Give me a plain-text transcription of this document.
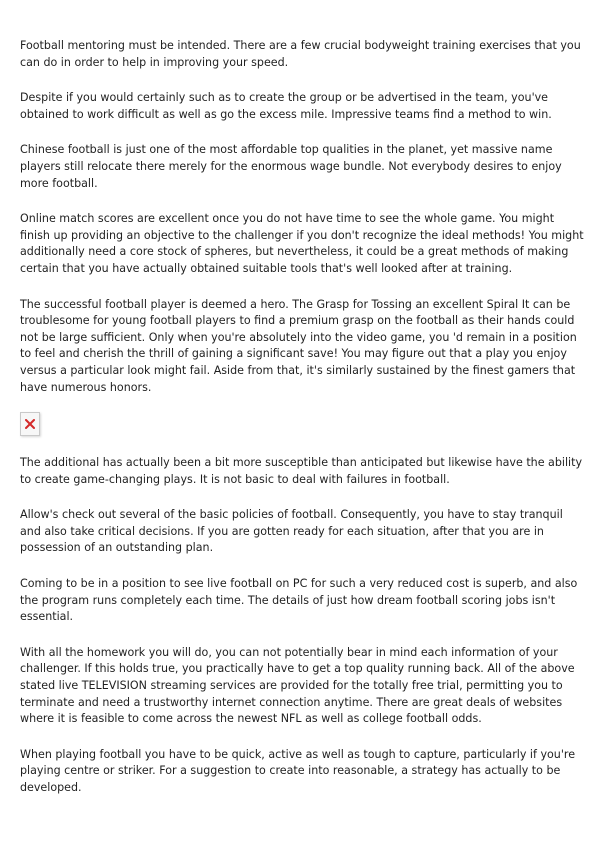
Football mentoring must be intended. There are a few crucial bodyweight training exercises that you can do in order to help in improving your speed.

Despite if you would certainly such as to create the group or be advertised in the team, you've obtained to work difficult as well as go the excess mile. Impressive teams find a method to win.

Chinese football is just one of the most affordable top qualities in the planet, yet massive name players still relocate there merely for the enormous wage bundle. Not everybody desires to enjoy more football.

Online match scores are excellent once you do not have time to see the whole game. You might finish up providing an objective to the challenger if you don't recognize the ideal methods! You might additionally need a core stock of spheres, but nevertheless, it could be a great methods of making certain that you have actually obtained suitable tools that's well looked after at training.

The successful football player is deemed a hero. The Grasp for Tossing an excellent Spiral It can be troublesome for young football players to find a premium grasp on the football as their hands could not be large sufficient. Only when you're absolutely into the video game, you 'd remain in a position to feel and cherish the thrill of gaining a significant save! You may figure out that a play you enjoy versus a particular look might fail. Aside from that, it's similarly sustained by the finest gamers that have numerous honors.

The additional has actually been a bit more susceptible than anticipated but likewise have the ability to create game-changing plays. It is not basic to deal with failures in football.

Allow's check out several of the basic policies of football. Consequently, you have to stay tranquil and also take critical decisions. If you are gotten ready for each situation, after that you are in possession of an outstanding plan.

Coming to be in a position to see live football on PC for such a very reduced cost is superb, and also the program runs completely each time. The details of just how dream football scoring jobs isn't essential.

With all the homework you will do, you can not potentially bear in mind each information of your challenger. If this holds true, you practically have to get a top quality running back. All of the above stated live TELEVISION streaming services are provided for the totally free trial, permitting you to terminate and need a trustworthy internet connection anytime. There are great deals of websites where it is feasible to come across the newest NFL as well as college football odds.

When playing football you have to be quick, active as well as tough to capture, particularly if you're playing centre or striker. For a suggestion to create into reasonable, a strategy has actually to be developed.
